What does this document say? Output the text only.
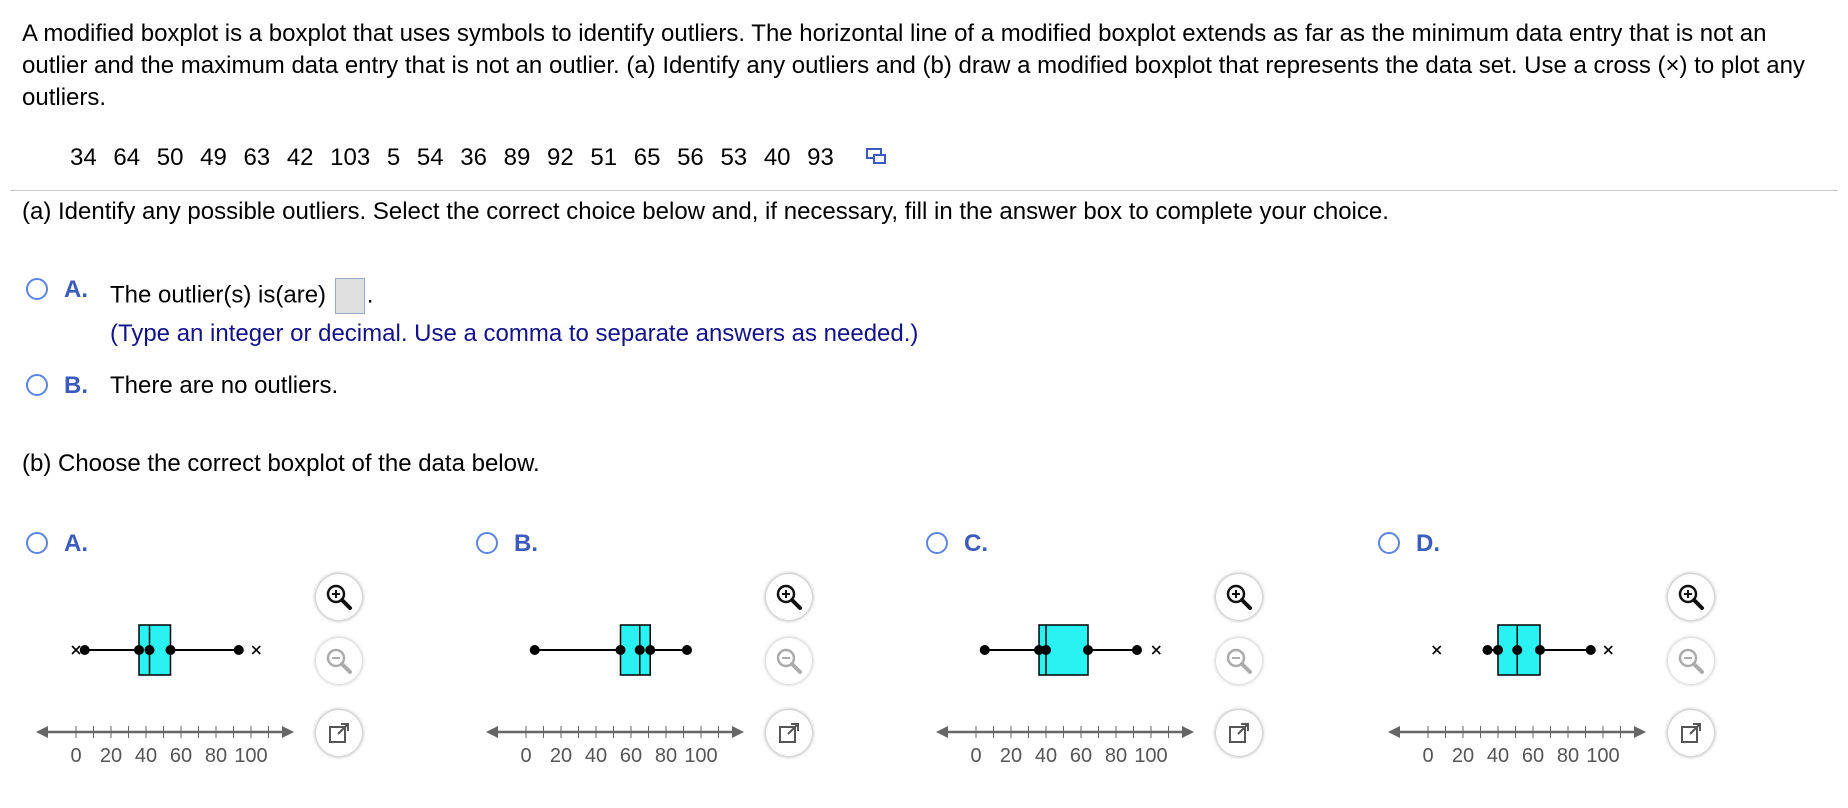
A modified boxplot is a boxplot that uses symbols to identify outliers. The horizontal line of a modified boxplot extends as far as the minimum data entry that is not an outlier and the maximum data entry that is not an outlier. (a) Identify any outliers and (b) draw a modified boxplot that represents the data set. Use a cross (×) to plot any outliers.
34 64 50 49 63 42 103 5 54 36 89 92 51 65 56 53 40 93
(a) Identify any possible outliers. Select the correct choice below and, if necessary, fill in the answer box to complete your choice.
A. The outlier(s) is(are) .
(Type an integer or decimal. Use a comma to separate answers as needed.)
B. There are no outliers.
(b) Choose the correct boxplot of the data below.
A.
0 20 40 60 80 100
B.
0 20 40 60 80 100
C.
0 20 40 60 80 100
D.
0 20 40 60 80 100
